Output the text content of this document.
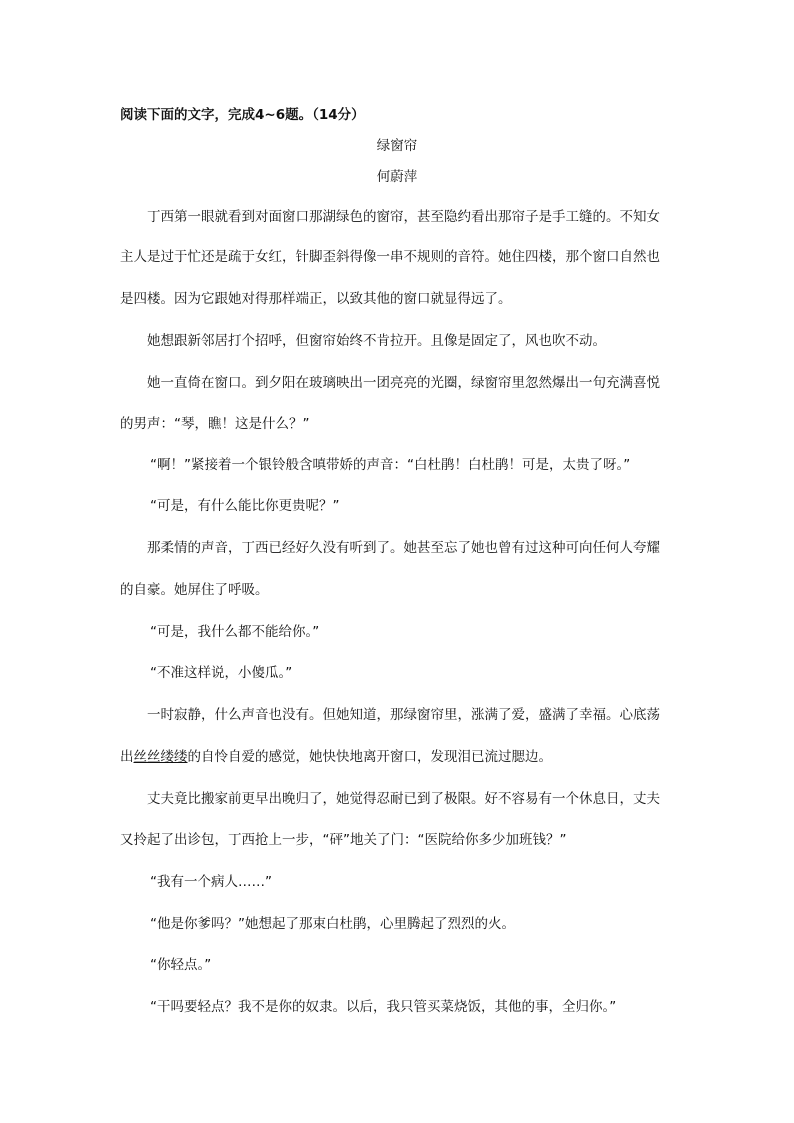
阅读下面的文字，完成4~6题。（14分）
绿窗帘
何蔚萍
丁西第一眼就看到对面窗口那湖绿色的窗帘，甚至隐约看出那帘子是手工缝的。不知女
主人是过于忙还是疏于女红，针脚歪斜得像一串不规则的音符。她住四楼，那个窗口自然也
是四楼。因为它跟她对得那样端正，以致其他的窗口就显得远了。
她想跟新邻居打个招呼，但窗帘始终不肯拉开。且像是固定了，风也吹不动。
她一直倚在窗口。到夕阳在玻璃映出一团亮亮的光圈，绿窗帘里忽然爆出一句充满喜悦
的男声：“琴，瞧！这是什么？”
“啊！”紧接着一个银铃般含嗔带娇的声音：“白杜鹃！白杜鹃！可是，太贵了呀。”
“可是，有什么能比你更贵呢？”
那柔情的声音，丁西已经好久没有听到了。她甚至忘了她也曾有过这种可向任何人夸耀
的自豪。她屏住了呼吸。
“可是，我什么都不能给你。”
“不准这样说，小傻瓜。”
一时寂静，什么声音也没有。但她知道，那绿窗帘里，涨满了爱，盛满了幸福。心底荡
出丝丝缕缕的自怜自爱的感觉，她快快地离开窗口，发现泪已流过腮边。
丈夫竟比搬家前更早出晚归了，她觉得忍耐已到了极限。好不容易有一个休息日，丈夫
又拎起了出诊包，丁西抢上一步，“砰”地关了门：“医院给你多少加班钱？”
“我有一个病人……”
“他是你爹吗？”她想起了那束白杜鹃，心里腾起了烈烈的火。
“你轻点。”
“干吗要轻点？我不是你的奴隶。以后，我只管买菜烧饭，其他的事，全归你。”
